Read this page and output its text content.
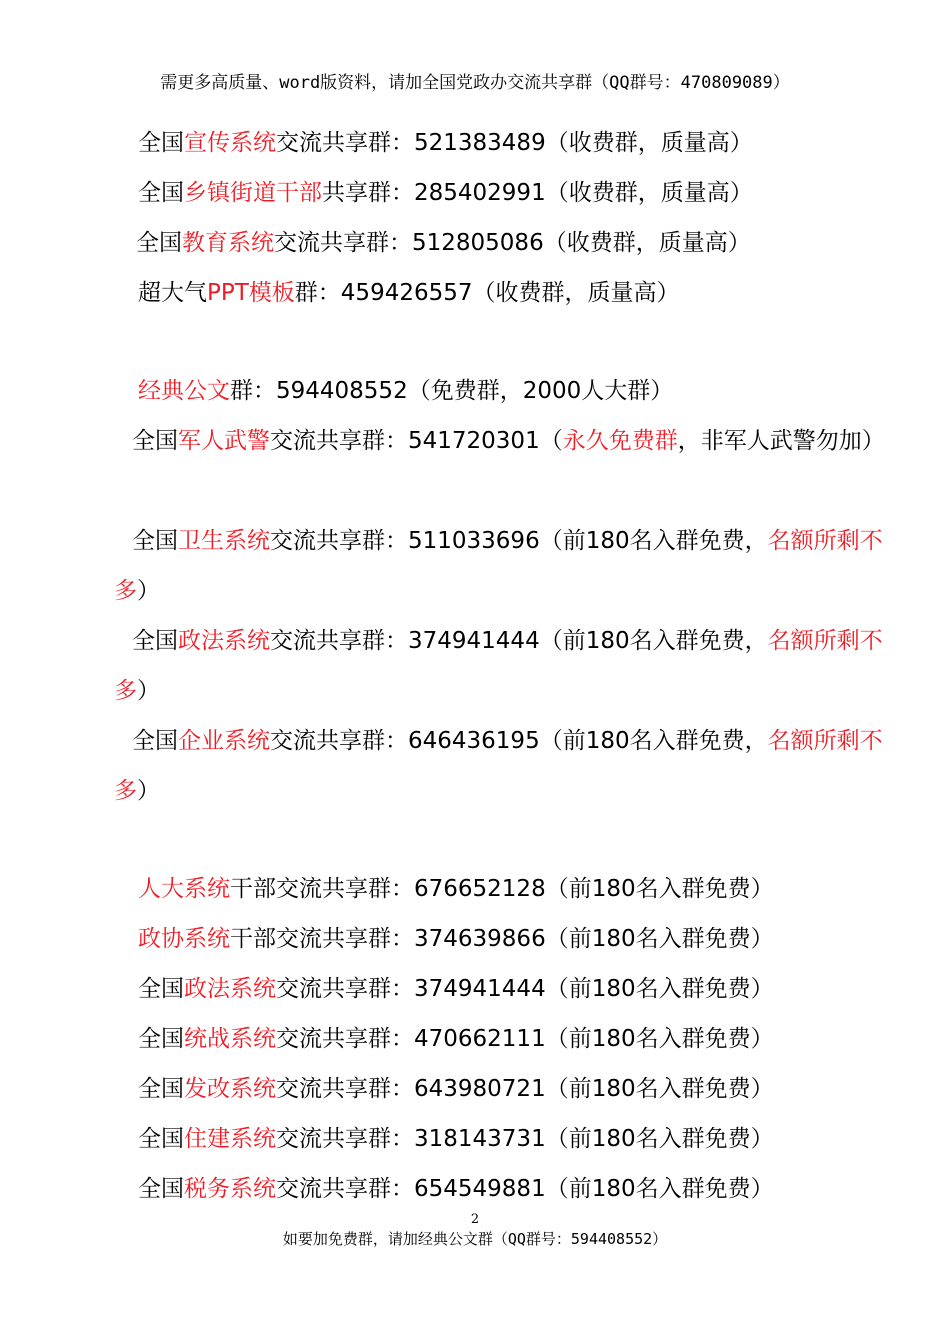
需更多高质量、word版资料，请加全国党政办交流共享群（QQ群号：470809089）
全国宣传系统交流共享群：521383489（收费群，质量高）
全国乡镇街道干部共享群：285402991（收费群，质量高）
全国教育系统交流共享群：512805086（收费群，质量高）
超大气PPT模板群：459426557（收费群，质量高）
经典公文群：594408552（免费群，2000人大群）
全国军人武警交流共享群：541720301（永久免费群，非军人武警勿加）
全国卫生系统交流共享群：511033696（前180名入群免费，名额所剩不
多）
全国政法系统交流共享群：374941444（前180名入群免费，名额所剩不
多）
全国企业系统交流共享群：646436195（前180名入群免费，名额所剩不
多）
人大系统干部交流共享群：676652128（前180名入群免费）
政协系统干部交流共享群：374639866（前180名入群免费）
全国政法系统交流共享群：374941444（前180名入群免费）
全国统战系统交流共享群：470662111（前180名入群免费）
全国发改系统交流共享群：643980721（前180名入群免费）
全国住建系统交流共享群：318143731（前180名入群免费）
全国税务系统交流共享群：654549881（前180名入群免费）
2
如要加免费群，请加经典公文群（QQ群号：594408552）
